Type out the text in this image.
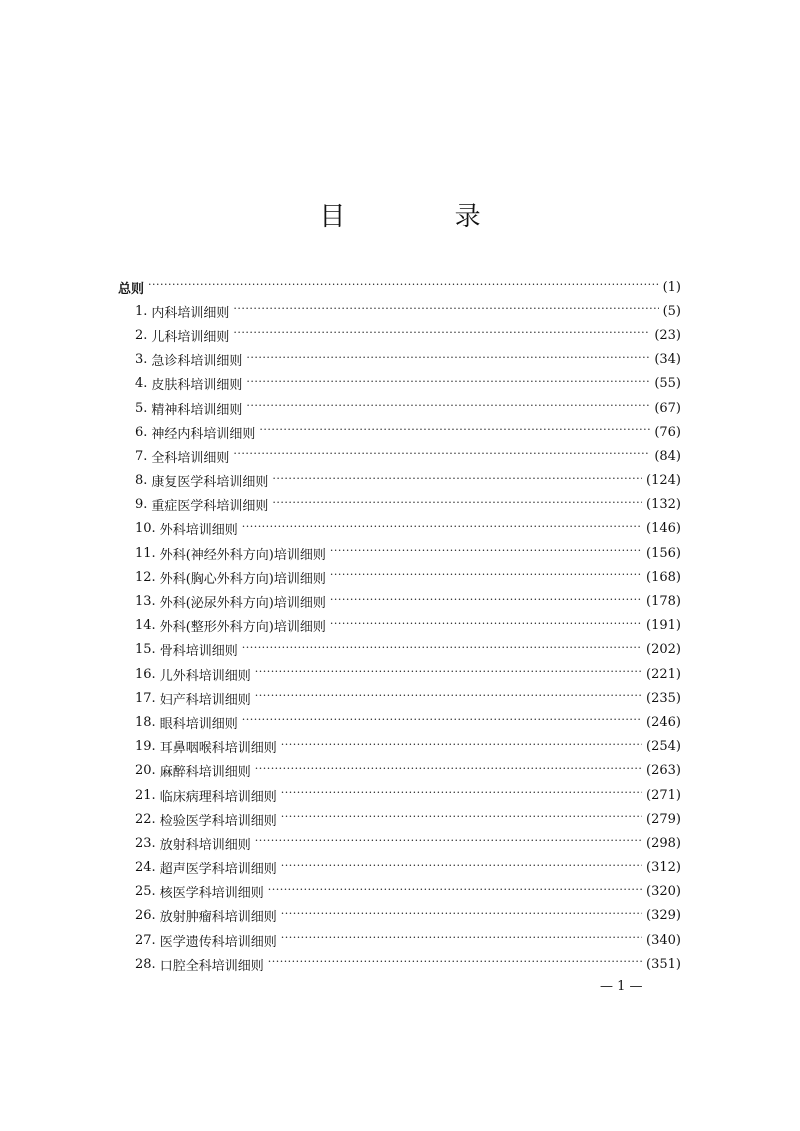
目　录
总则 ·····	(1)
1. 内科培训细则 ·····	(5)
2. 儿科培训细则 ·····	(23)
3. 急诊科培训细则 ·····	(34)
4. 皮肤科培训细则 ·····	(55)
5. 精神科培训细则 ·····	(67)
6. 神经内科培训细则 ·····	(76)
7. 全科培训细则 ·····	(84)
8. 康复医学科培训细则 ·····	(124)
9. 重症医学科培训细则 ·····	(132)
10. 外科培训细则 ·····	(146)
11. 外科(神经外科方向)培训细则 ·····	(156)
12. 外科(胸心外科方向)培训细则 ·····	(168)
13. 外科(泌尿外科方向)培训细则 ·····	(178)
14. 外科(整形外科方向)培训细则 ·····	(191)
15. 骨科培训细则 ·····	(202)
16. 儿外科培训细则 ·····	(221)
17. 妇产科培训细则 ·····	(235)
18. 眼科培训细则 ·····	(246)
19. 耳鼻咽喉科培训细则 ·····	(254)
20. 麻醉科培训细则 ·····	(263)
21. 临床病理科培训细则 ·····	(271)
22. 检验医学科培训细则 ·····	(279)
23. 放射科培训细则 ·····	(298)
24. 超声医学科培训细则 ·····	(312)
25. 核医学科培训细则 ·····	(320)
26. 放射肿瘤科培训细则 ·····	(329)
27. 医学遗传科培训细则 ·····	(340)
28. 口腔全科培训细则 ·····	(351)
— 1 —
